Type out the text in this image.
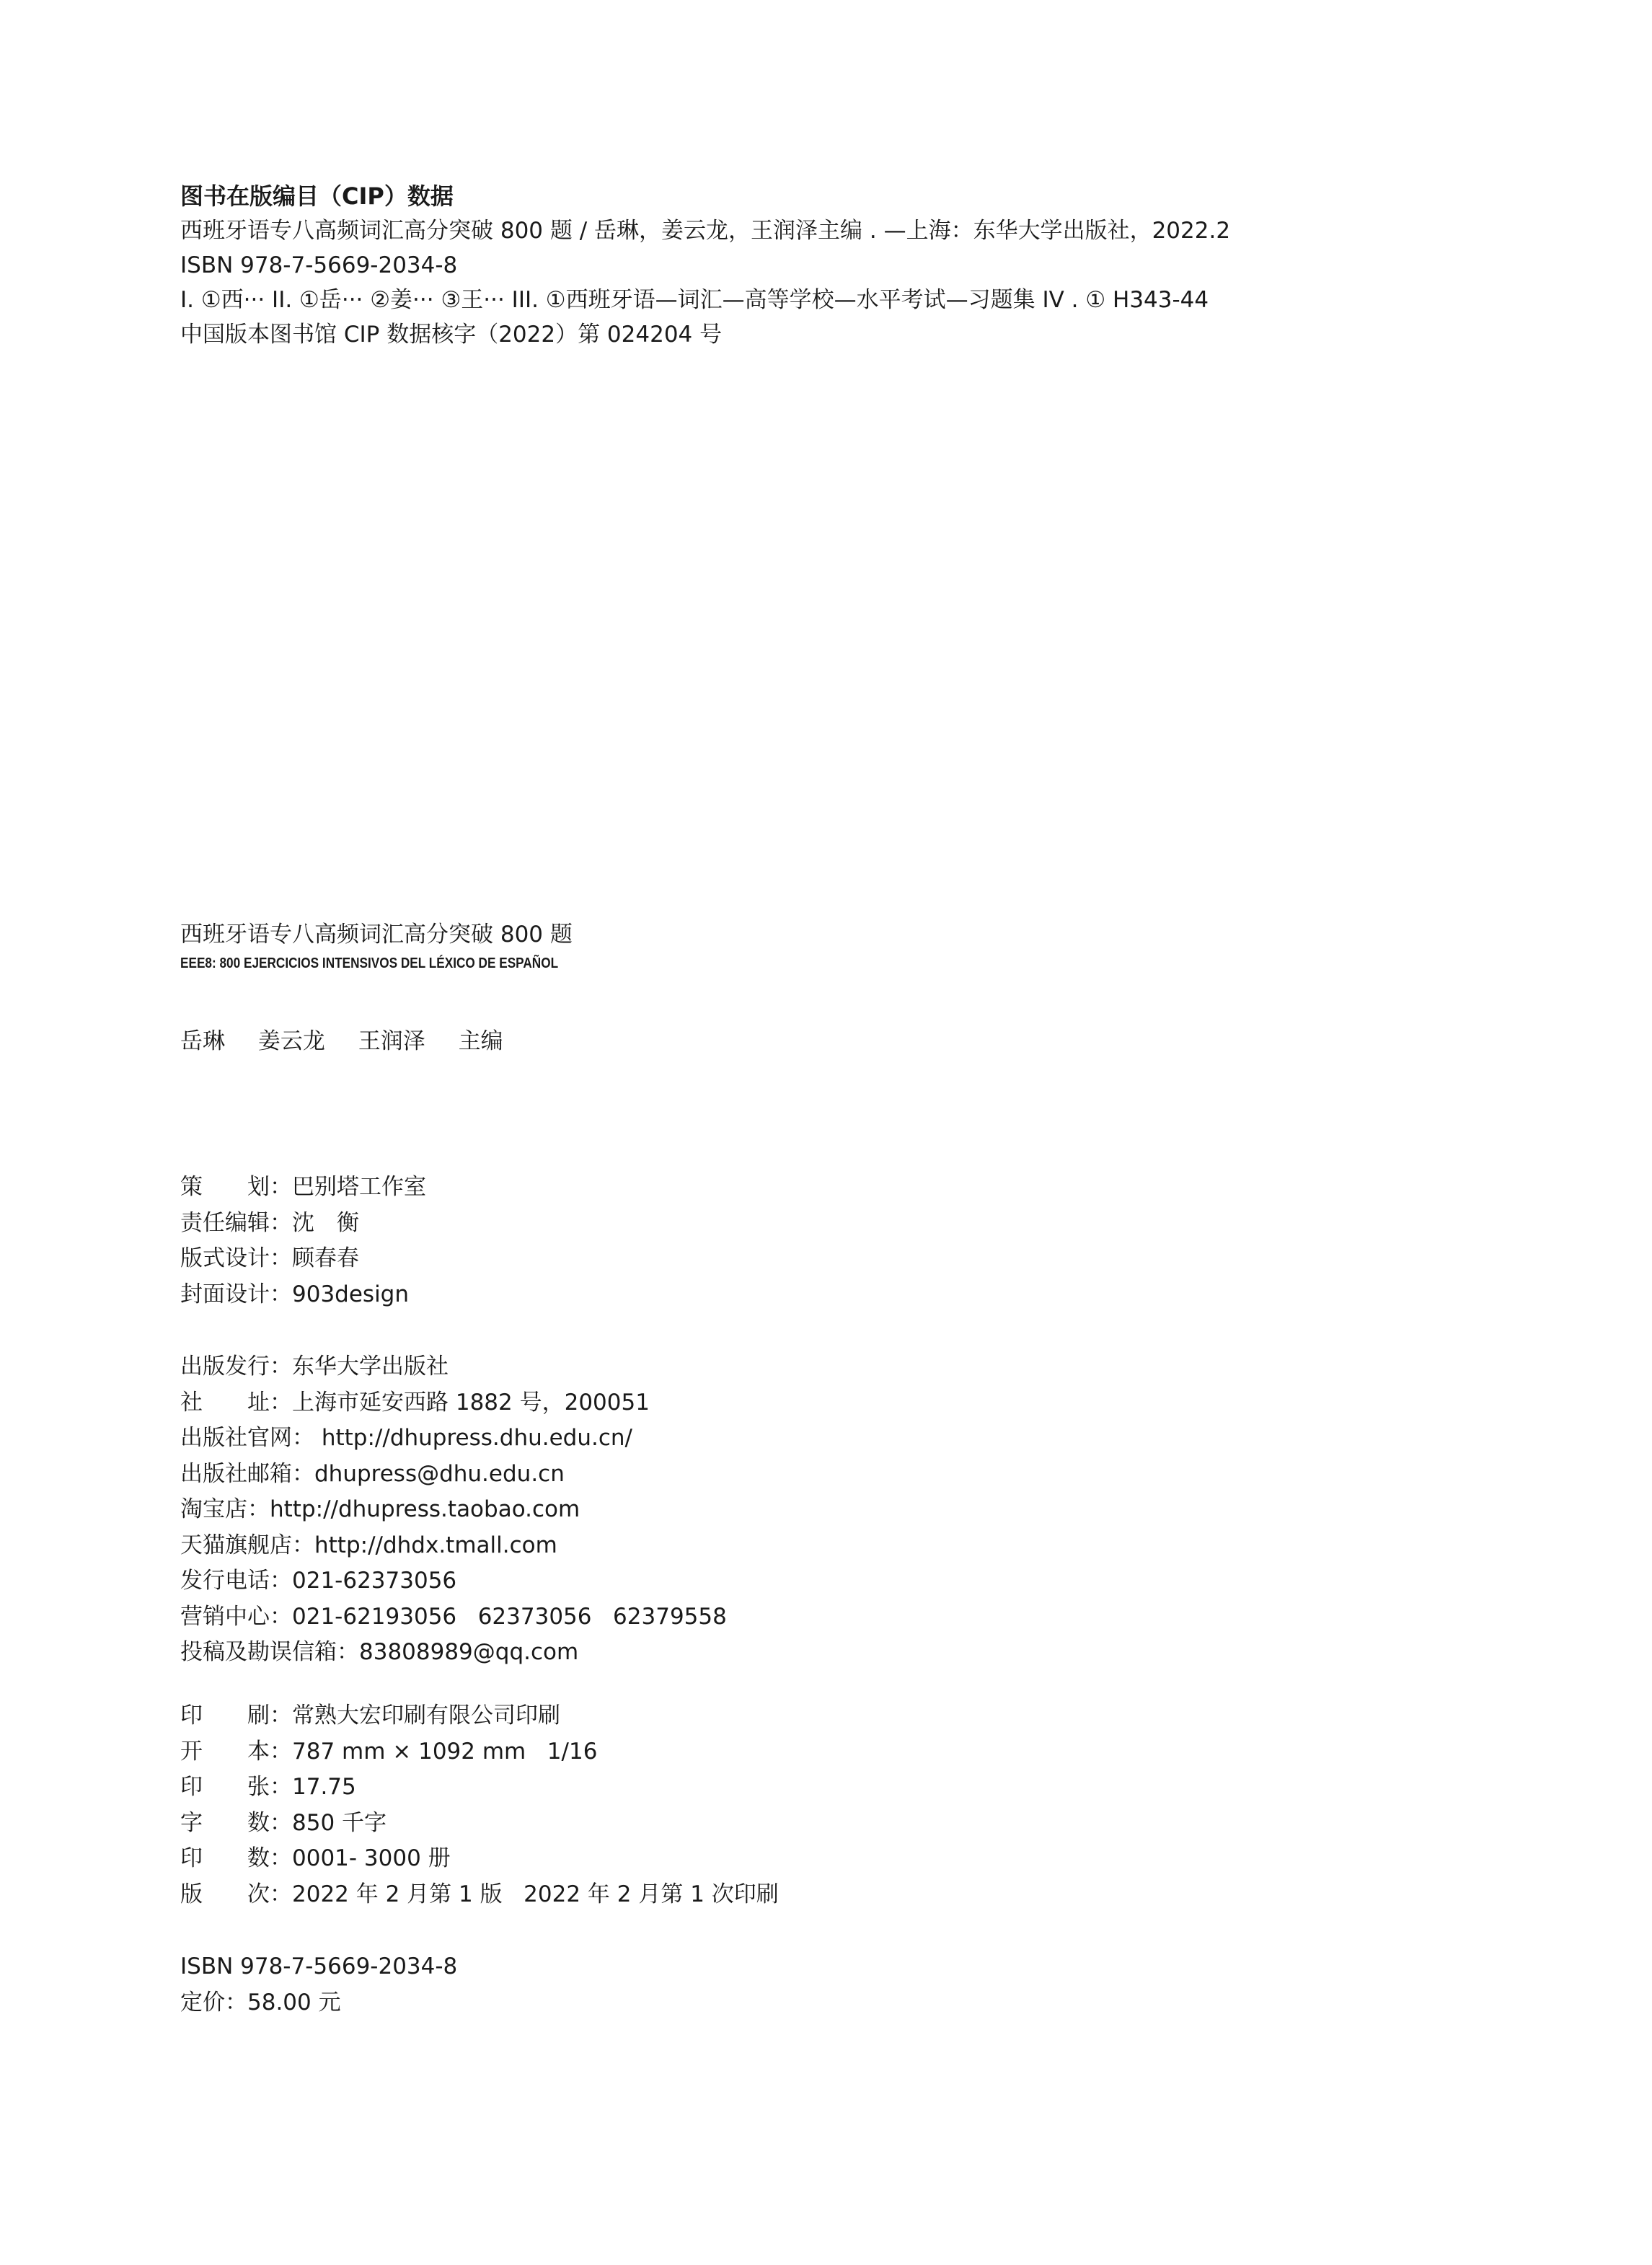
图书在版编目（CIP）数据
西班牙语专八高频词汇高分突破 800 题 / 岳琳，姜云龙，王润泽主编 . —上海：东华大学出版社，2022.2
ISBN 978-7-5669-2034-8
I. ①西··· II. ①岳··· ②姜··· ③王··· III. ①西班牙语—词汇—高等学校—水平考试—习题集 IV . ① H343-44
中国版本图书馆 CIP 数据核字（2022）第 024204 号
西班牙语专八高频词汇高分突破 800 题
EEE8: 800 EJERCICIOS INTENSIVOS DEL LÉXICO DE ESPAÑOL
岳琳 姜云龙 王润泽 主编
策　　划 ： 巴别塔工作室
责任编辑 ： 沈　衡
版式设计 ： 顾春春
封面设计 ： 903design
出版发行 ： 东华大学出版社
社　　址 ： 上海市延安西路 1882 号，200051
出版社官网 ： http://dhupress.dhu.edu.cn/
出版社邮箱 ： dhupress@dhu.edu.cn
淘宝店 ： http://dhupress.taobao.com
天猫旗舰店 ： http://dhdx.tmall.com
发行电话 ： 021-62373056
营销中心 ： 021-62193056   62373056   62379558
投稿及勘误信箱 ： 83808989@qq.com
印　　刷 ： 常熟大宏印刷有限公司印刷
开　　本 ： 787 mm × 1092 mm   1/16
印　　张 ： 17.75
字　　数 ： 850 千字
印　　数 ： 0001- 3000 册
版　　次 ： 2022 年 2 月第 1 版   2022 年 2 月第 1 次印刷
ISBN 978-7-5669-2034-8
定价 ： 58.00 元
